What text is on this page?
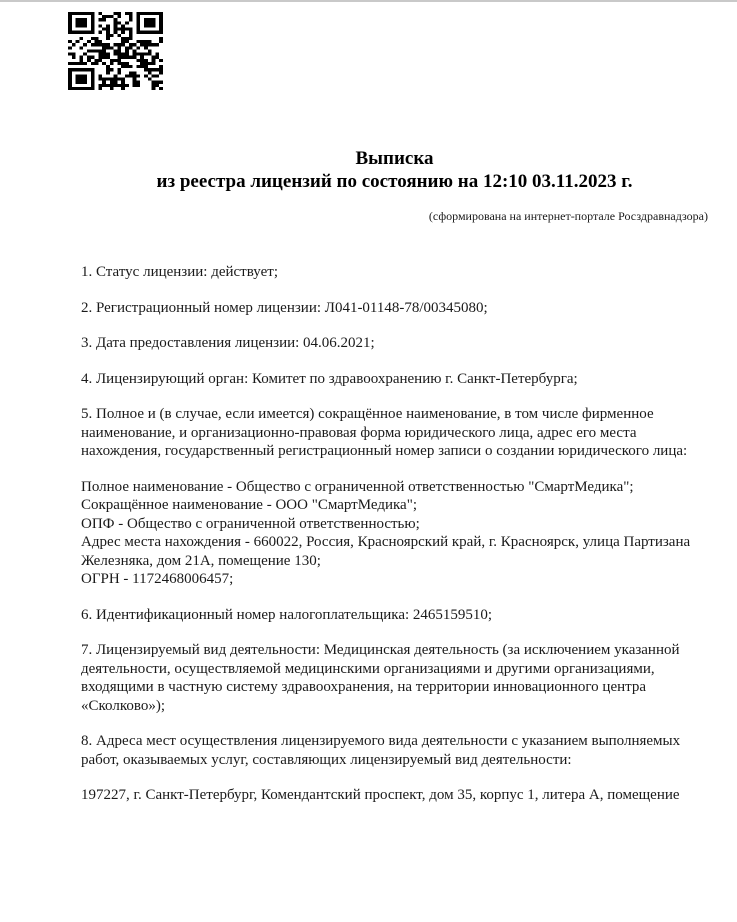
Выписка
из реестра лицензий по состоянию на 12:10 03.11.2023 г.
(сформирована на интернет-портале Росздравнадзора)

1. Статус лицензии: действует;

2. Регистрационный номер лицензии: Л041-01148-78/00345080;

3. Дата предоставления лицензии: 04.06.2021;

4. Лицензирующий орган: Комитет по здравоохранению г. Санкт-Петербурга;

5. Полное и (в случае, если имеется) сокращённое наименование, в том числе фирменное наименование, и организационно-правовая форма юридического лица, адрес его места нахождения, государственный регистрационный номер записи о создании юридического лица:

Полное наименование - Общество с ограниченной ответственностью "СмартМедика";
Сокращённое наименование - ООО "СмартМедика";
ОПФ - Общество с ограниченной ответственностью;
Адрес места нахождения - 660022, Россия, Красноярский край, г. Красноярск, улица Партизана Железняка, дом 21А, помещение 130;
ОГРН - 1172468006457;

6. Идентификационный номер налогоплательщика: 2465159510;

7. Лицензируемый вид деятельности: Медицинская деятельность (за исключением указанной деятельности, осуществляемой медицинскими организациями и другими организациями, входящими в частную систему здравоохранения, на территории инновационного центра «Сколково»);

8. Адреса мест осуществления лицензируемого вида деятельности с указанием выполняемых работ, оказываемых услуг, составляющих лицензируемый вид деятельности:

197227, г. Санкт-Петербург, Комендантский проспект, дом 35, корпус 1, литера А, помещение
